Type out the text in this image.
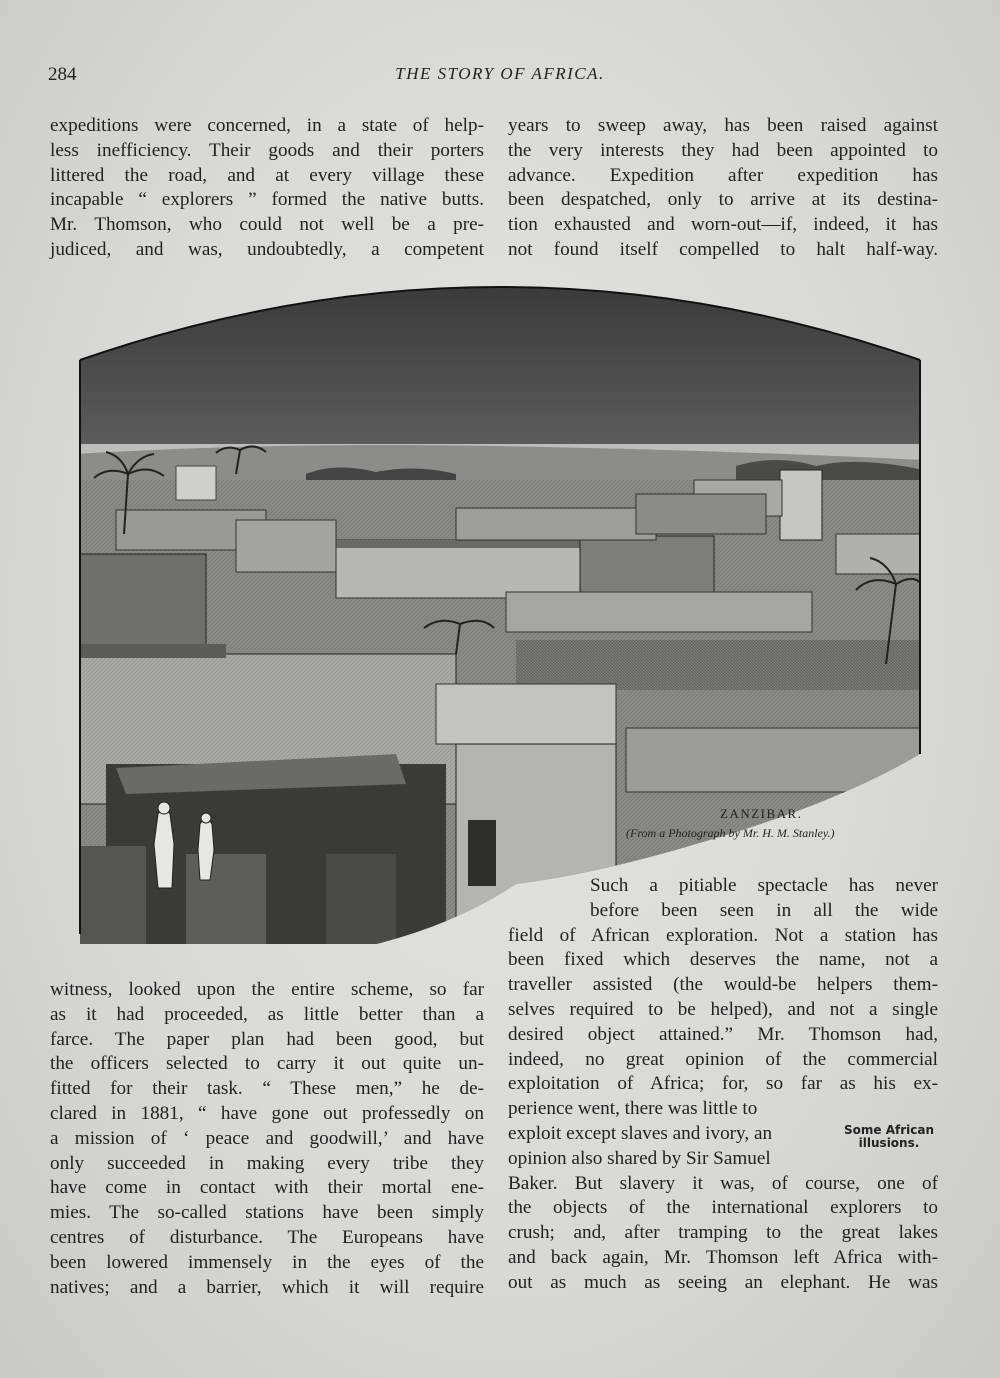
284	THE STORY OF AFRICA.
expeditions were concerned, in a state of help-
less inefficiency. Their goods and their porters
littered the road, and at every village these
incapable “ explorers ” formed the native butts.
Mr. Thomson, who could not well be a pre-
judiced, and was, undoubtedly, a competent
years to sweep away, has been raised against
the very interests they had been appointed to
advance. Expedition after expedition has
been despatched, only to arrive at its destina-
tion exhausted and worn-out—if, indeed, it has
not found itself compelled to halt half-way.
ZANZIBAR.
(From a Photograph by Mr. H. M. Stanley.)
Such a pitiable spectacle has never
before been seen in all the wide
field of African exploration. Not a station has
been fixed which deserves the name, not a
traveller assisted (the would-be helpers them-
selves required to be helped), and not a single
desired object attained.” Mr. Thomson had,
indeed, no great opinion of the commercial
exploitation of Africa; for, so far as his ex-
perience went, there was little to
exploit except slaves and ivory, an
opinion also shared by Sir Samuel
Baker. But slavery it was, of course, one of
the objects of the international explorers to
crush; and, after tramping to the great lakes
and back again, Mr. Thomson left Africa with-
out as much as seeing an elephant. He was
Some African
illusions.
witness, looked upon the entire scheme, so far
as it had proceeded, as little better than a
farce. The paper plan had been good, but
the officers selected to carry it out quite un-
fitted for their task. “ These men,” he de-
clared in 1881, “ have gone out professedly on
a mission of ‘ peace and goodwill,’ and have
only succeeded in making every tribe they
have come in contact with their mortal ene-
mies. The so-called stations have been simply
centres of disturbance. The Europeans have
been lowered immensely in the eyes of the
natives; and a barrier, which it will require
